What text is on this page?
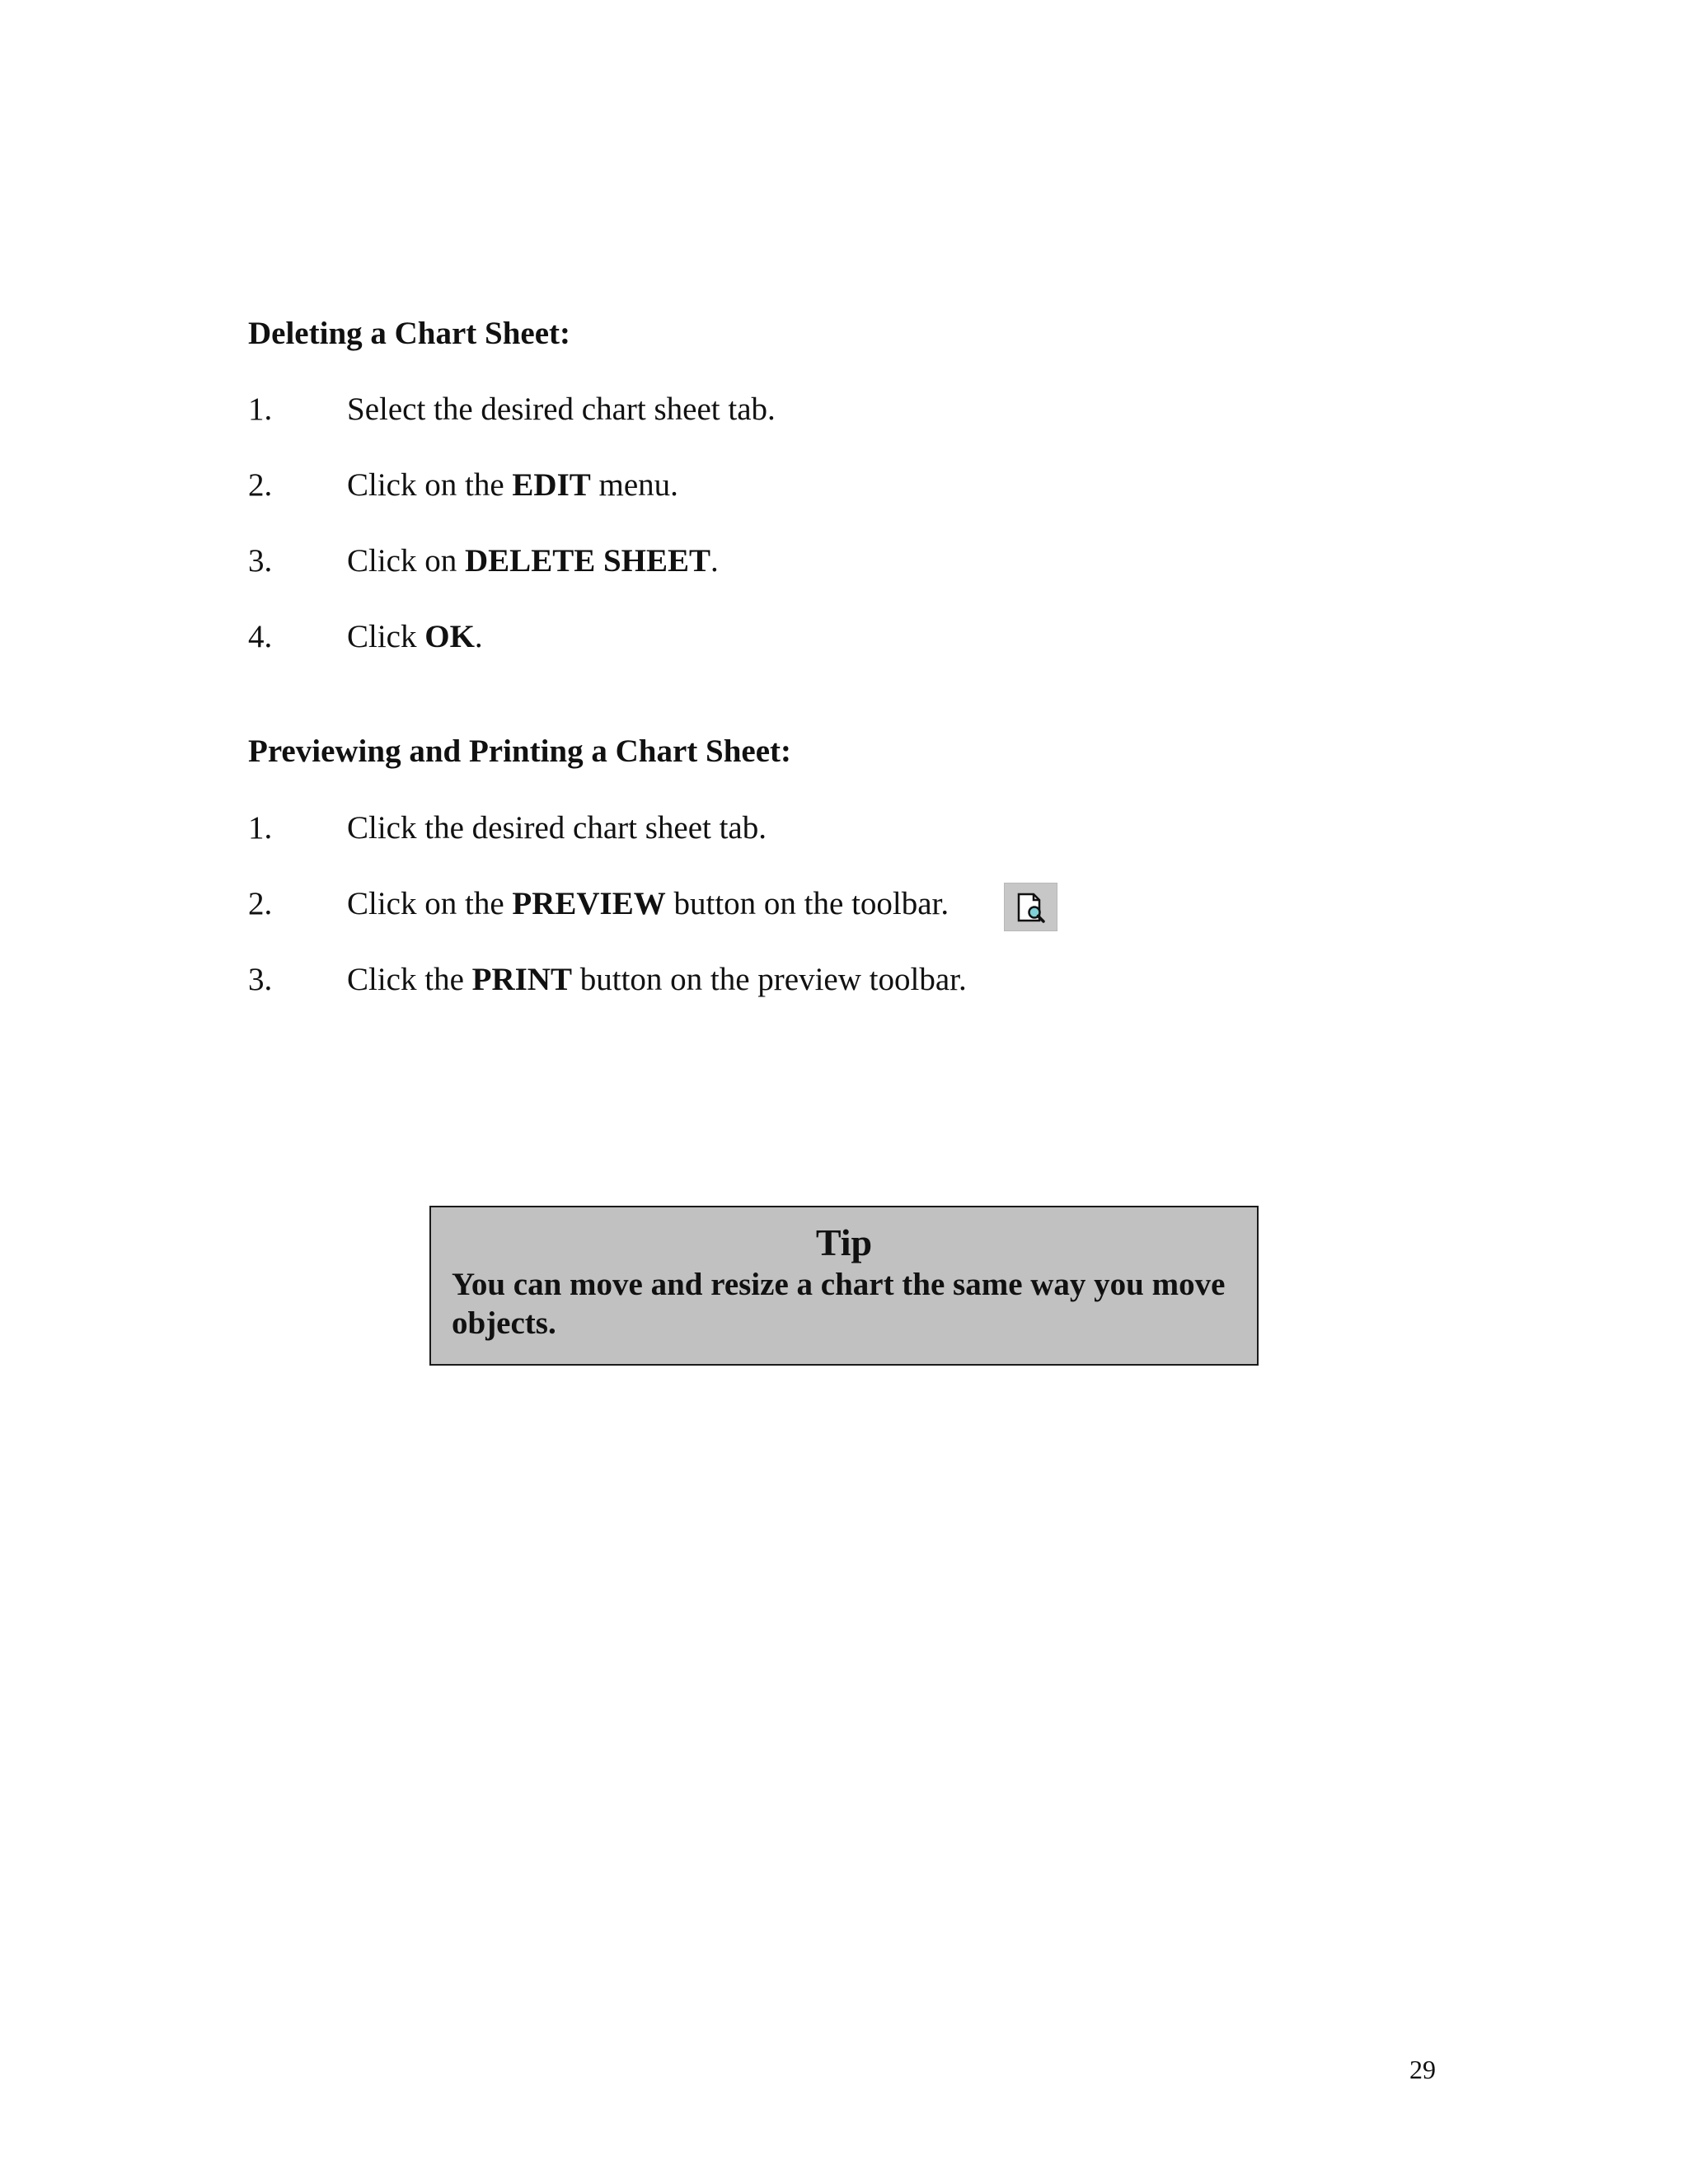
Deleting a Chart Sheet:
1. Select the desired chart sheet tab.
2. Click on the EDIT menu.
3. Click on DELETE SHEET.
4. Click OK.
Previewing and Printing a Chart Sheet:
1. Click the desired chart sheet tab.
2. Click on the PREVIEW button on the toolbar.
3. Click the PRINT button on the preview toolbar.
Tip

You can move and resize a chart the same way you move objects.

29
